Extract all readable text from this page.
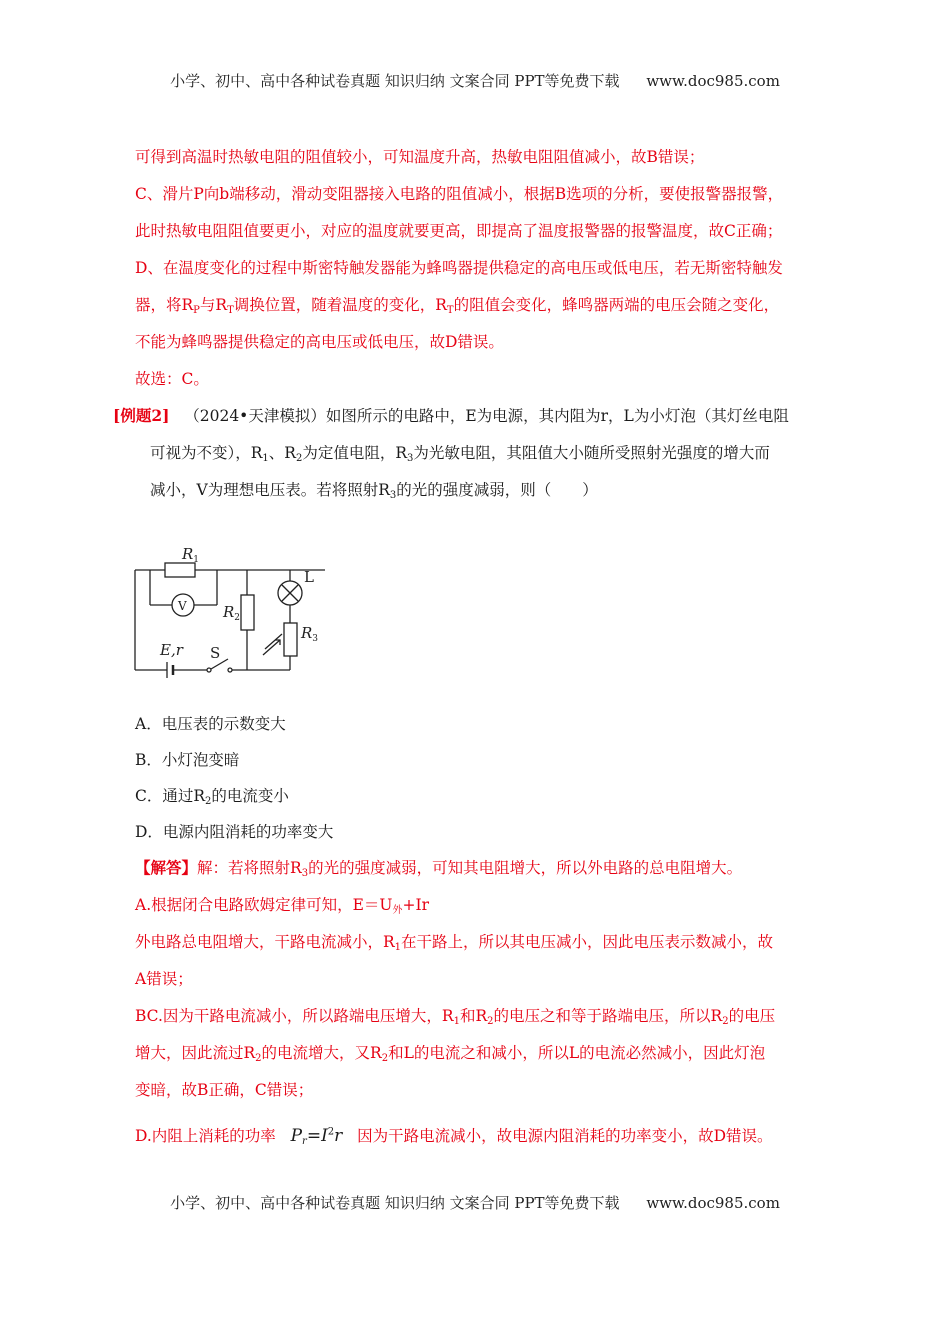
小学、初中、高中各种试卷真题 知识归纳 文案合同 PPT等免费下载 www.doc985.com
可得到高温时热敏电阻的阻值较小，可知温度升高，热敏电阻阻值减小，故B错误；
C、滑片P向b端移动，滑动变阻器接入电路的阻值减小，根据B选项的分析，要使报警器报警，
此时热敏电阻阻值要更小，对应的温度就要更高，即提高了温度报警器的报警温度，故C正确；
D、在温度变化的过程中斯密特触发器能为蜂鸣器提供稳定的高电压或低电压，若无斯密特触发
器，将$R_P$与$R_T$调换位置，随着温度的变化，$R_T$的阻值会变化，蜂鸣器两端的电压会随之变化，
不能为蜂鸣器提供稳定的高电压或低电压，故D错误。
故选：C。
[例题2] （2024•天津模拟）如图所示的电路中，E为电源，其内阻为r，L为小灯泡（其灯丝电阻
可视为不变），$R_1$、$R_2$为定值电阻，$R_3$为光敏电阻，其阻值大小随所受照射光强度的增大而
减小，V为理想电压表。若将照射$R_3$的光的强度减弱，则（　　）
$R_1$
$R_2$
$R_3$
E,r
L
V
S
A．电压表的示数变大
B．小灯泡变暗
C．通过$R_2$的电流变小
D．电源内阻消耗的功率变大
【解答】解：若将照射$R_3$的光的强度减弱，可知其电阻增大，所以外电路的总电阻增大。
A.根据闭合电路欧姆定律可知，$E=U_外+Ir$
外电路总电阻增大，干路电流减小，$R_1$在干路上，所以其电压减小，因此电压表示数减小，故
A错误；
BC.因为干路电流减小，所以路端电压增大，$R_1$和$R_2$的电压之和等于路端电压，所以$R_2$的电压
增大，因此流过$R_2$的电流增大，又$R_2$和L的电流之和减小，所以L的电流必然减小，因此灯泡
变暗，故B正确，C错误；
D.内阻上消耗的功率 $P_r=I^2r$ 因为干路电流减小，故电源内阻消耗的功率变小，故D错误。
小学、初中、高中各种试卷真题 知识归纳 文案合同 PPT等免费下载 www.doc985.com
